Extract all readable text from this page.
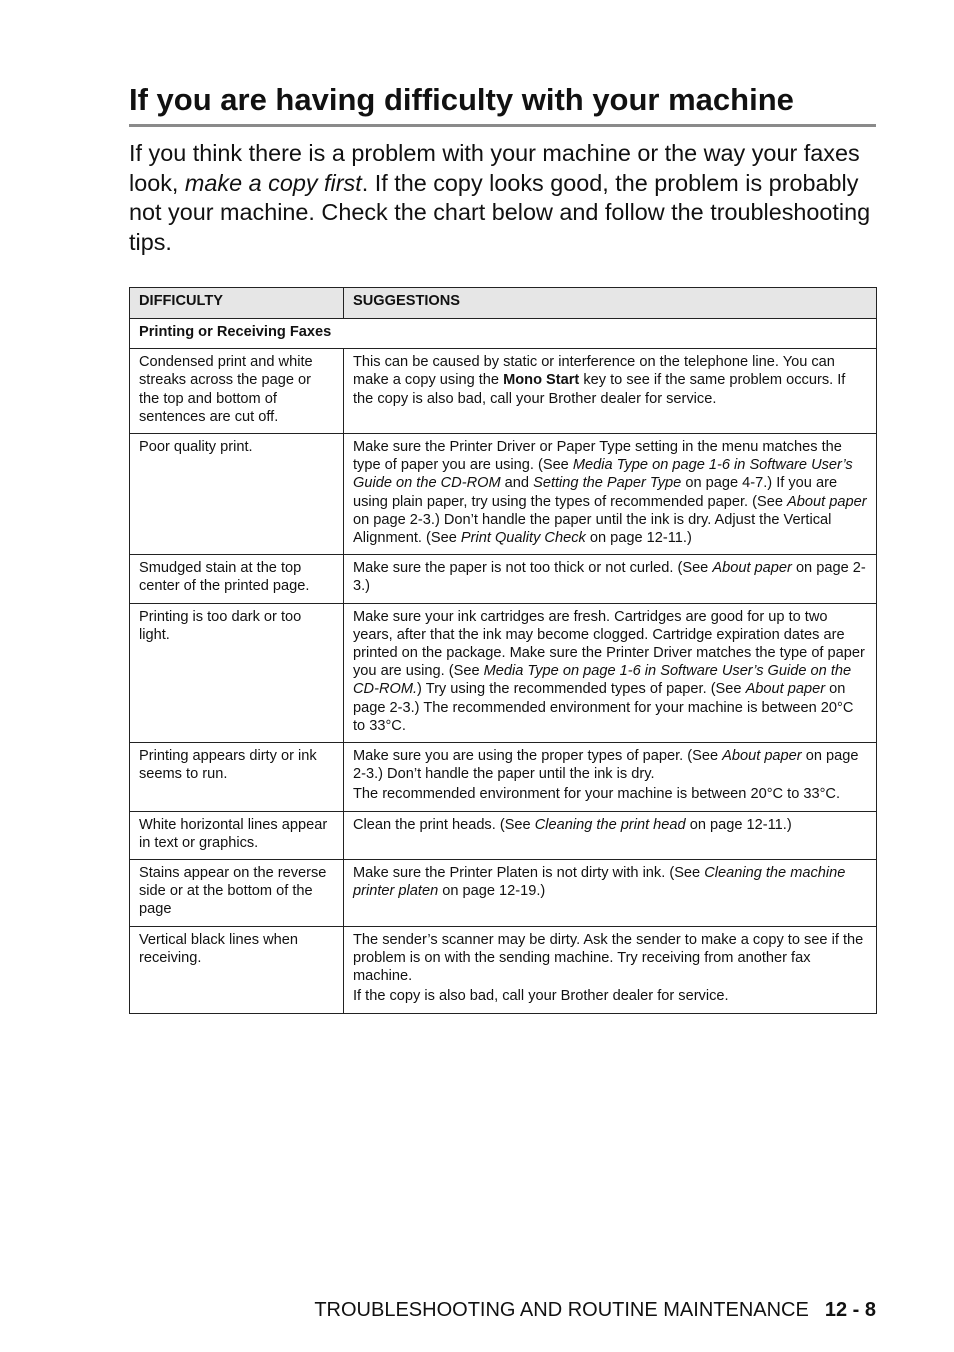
If you are having difficulty with your machine

If you think there is a problem with your machine or the way your faxes look, make a copy first. If the copy looks good, the problem is probably not your machine. Check the chart below and follow the troubleshooting tips.

DIFFICULTY	SUGGESTIONS
Printing or Receiving Faxes	
Condensed print and white streaks across the page or the top and bottom of sentences are cut off.	This can be caused by static or interference on the telephone line. You can make a copy using the Mono Start key to see if the same problem occurs. If the copy is also bad, call your Brother dealer for service.

Poor quality print.	Make sure the Printer Driver or Paper Type setting in the menu matches the type of paper you are using. (See Media Type on page 1-6 in Software User’s Guide on the CD-ROM and Setting the Paper Type on page 4-7.) If you are using plain paper, try using the types of recommended paper. (See About paper on page 2-3.) Don’t handle the paper until the ink is dry. Adjust the Vertical Alignment. (See Print Quality Check on page 12-11.)

Smudged stain at the top center of the printed page.	Make sure the paper is not too thick or not curled. (See About paper on page 2-3.)

Printing is too dark or too light.	Make sure your ink cartridges are fresh. Cartridges are good for up to two years, after that the ink may become clogged. Cartridge expiration dates are printed on the package. Make sure the Printer Driver matches the type of paper you are using. (See Media Type on page 1-6 in Software User’s Guide on the CD-ROM.) Try using the recommended types of paper. (See About paper on page 2-3.) The recommended environment for your machine is between 20°C to 33°C.

Printing appears dirty or ink seems to run.	Make sure you are using the proper types of paper. (See About paper on page 2-3.) Don’t handle the paper until the ink is dry.

The recommended environment for your machine is between 20°C to 33°C.

White horizontal lines appear in text or graphics.	Clean the print heads. (See Cleaning the print head on page 12-11.)

Stains appear on the reverse side or at the bottom of the page	Make sure the Printer Platen is not dirty with ink. (See Cleaning the machine printer platen on page 12-19.)

Vertical black lines when receiving.	The sender’s scanner may be dirty. Ask the sender to make a copy to see if the problem is on with the sending machine. Try receiving from another fax machine.

If the copy is also bad, call your Brother dealer for service.

TROUBLESHOOTING AND ROUTINE MAINTENANCE 12 - 8
